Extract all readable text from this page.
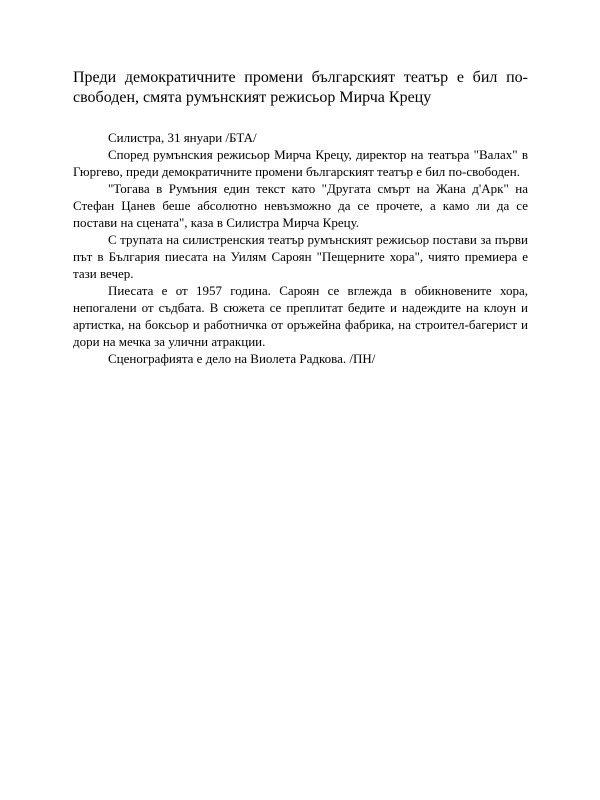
Преди демократичните промени българският театър е бил по-свободен, смята румънският режисьор Мирча Крецу

Силистра, 31 януари /БТА/

Според румънския режисьор Мирча Крецу, директор на театъра "Валах" в Гюргево, преди демократичните промени българският театър е бил по-свободен.

"Тогава в Румъния един текст като "Другата смърт на Жана д'Арк" на Стефан Цанев беше абсолютно невъзможно да се прочете, а камо ли да се постави на сцената", каза в Силистра Мирча Крецу.

С трупата на силистренския театър румънският режисьор постави за първи път в България пиесата на Уилям Сароян "Пещерните хора", чиято премиера е тази вечер.

Пиесата е от 1957 година. Сароян се вглежда в обикновените хора, непогалени от съдбата. В сюжета се преплитат бедите и надеждите на клоун и артистка, на боксьор и работничка от оръжейна фабрика, на строител-багерист и дори на мечка за улични атракции.

Сценографията е дело на Виолета Радкова. /ПН/
